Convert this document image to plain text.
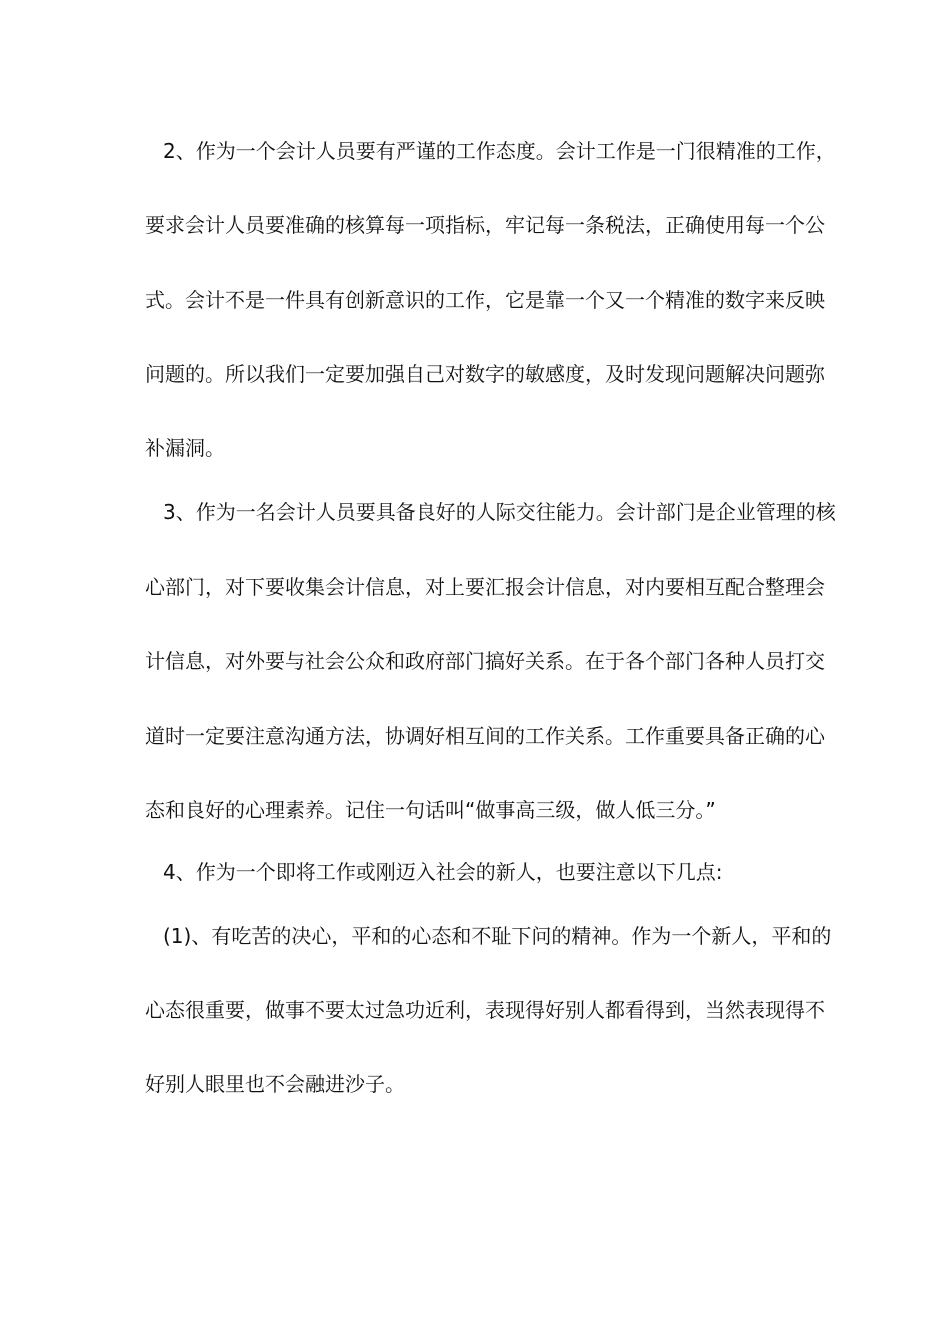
2、作为一个会计人员要有严谨的工作态度。会计工作是一门很精准的工作，
要求会计人员要准确的核算每一项指标，牢记每一条税法，正确使用每一个公
式。会计不是一件具有创新意识的工作，它是靠一个又一个精准的数字来反映
问题的。所以我们一定要加强自己对数字的敏感度，及时发现问题解决问题弥
补漏洞。
3、作为一名会计人员要具备良好的人际交往能力。会计部门是企业管理的核
心部门，对下要收集会计信息，对上要汇报会计信息，对内要相互配合整理会
计信息，对外要与社会公众和政府部门搞好关系。在于各个部门各种人员打交
道时一定要注意沟通方法，协调好相互间的工作关系。工作重要具备正确的心
态和良好的心理素养。记住一句话叫“做事高三级，做人低三分。”
4、作为一个即将工作或刚迈入社会的新人，也要注意以下几点:
(1)、有吃苦的决心，平和的心态和不耻下问的精神。作为一个新人，平和的
心态很重要，做事不要太过急功近利，表现得好别人都看得到，当然表现得不
好别人眼里也不会融进沙子。
